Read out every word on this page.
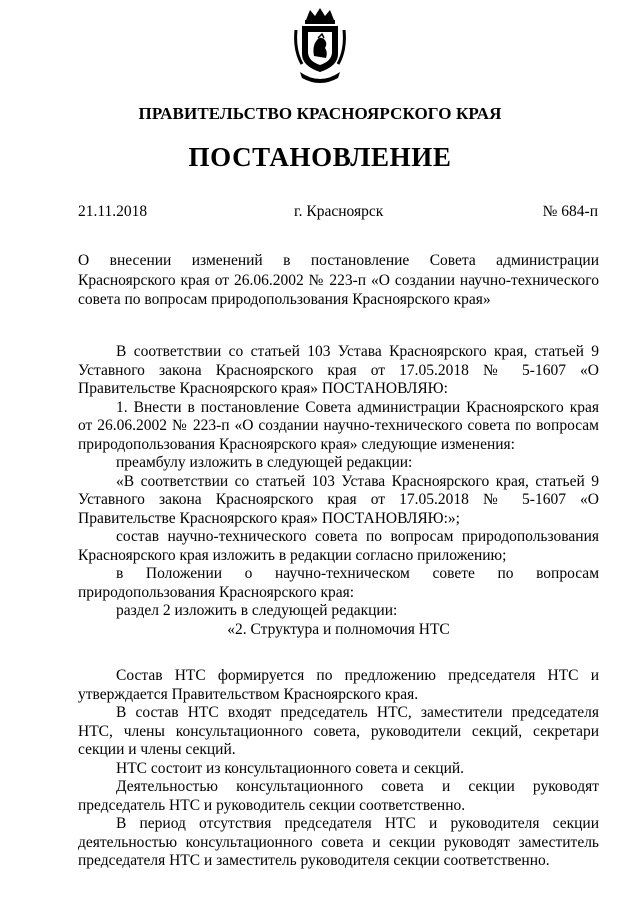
ПРАВИТЕЛЬСТВО КРАСНОЯРСКОГО КРАЯ
ПОСТАНОВЛЕНИЕ
21.11.2018	г. Красноярск	№ 684-п
О внесении изменений в постановление Совета администрации Красноярского края от 26.06.2002 № 223-п «О создании научно-технического совета по вопросам природопользования Красноярского края»

В соответствии со статьей 103 Устава Красноярского края, статьей 9 Уставного закона Красноярского края от 17.05.2018 № 5-1607 «О Правительстве Красноярского края» ПОСТАНОВЛЯЮ:

1. Внести в постановление Совета администрации Красноярского края от 26.06.2002 № 223-п «О создании научно-технического совета по вопросам природопользования Красноярского края» следующие изменения:

преамбулу изложить в следующей редакции:

«В соответствии со статьей 103 Устава Красноярского края, статьей 9 Уставного закона Красноярского края от 17.05.2018 № 5-1607 «О Правительстве Красноярского края» ПОСТАНОВЛЯЮ:»;

состав научно-технического совета по вопросам природопользования Красноярского края изложить в редакции согласно приложению;

в Положении о научно-техническом совете по вопросам природопользования Красноярского края:

раздел 2 изложить в следующей редакции:

«2. Структура и полномочия НТС

Состав НТС формируется по предложению председателя НТС и утверждается Правительством Красноярского края.

В состав НТС входят председатель НТС, заместители председателя НТС, члены консультационного совета, руководители секций, секретари секции и члены секций.

НТС состоит из консультационного совета и секций.

Деятельностью консультационного совета и секции руководят председатель НТС и руководитель секции соответственно.

В период отсутствия председателя НТС и руководителя секции деятельностью консультационного совета и секции руководят заместитель председателя НТС и заместитель руководителя секции соответственно.
